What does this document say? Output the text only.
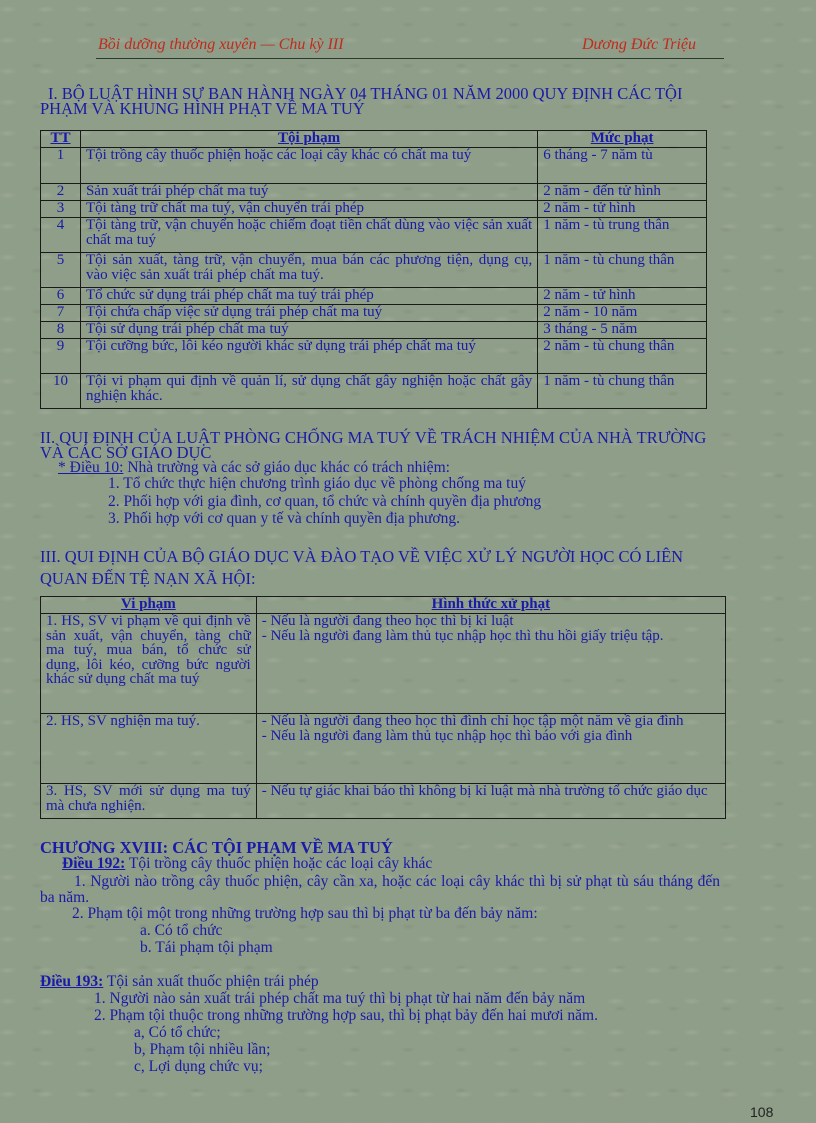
Bồi dưỡng thường xuyên — Chu kỳ III	Dương Đức Triệu
I. BỘ LUẬT HÌNH SỰ BAN HÀNH NGÀY 04 THÁNG 01 NĂM 2000 QUY ĐỊNH CÁC TỘI PHẠM VÀ KHUNG HÌNH PHẠT VỀ MA TUÝ
TT	Tội phạm	Mức phạt
1	Tội trồng cây thuốc phiện hoặc các loại cây khác có chất ma tuý	6 tháng - 7 năm tù
2	Sản xuất trái phép chất ma tuý	2 năm - đến tử hình
3	Tội tàng trữ chất ma tuý, vận chuyển trái phép	2 năm - tử hình
4	Tội tàng trữ, vận chuyển hoặc chiếm đoạt tiền chất dùng vào việc sản xuất chất ma tuý	1 năm - tù trung thân
5	Tội sản xuất, tàng trữ, vận chuyển, mua bán các phương tiện, dụng cụ, vào việc sản xuất trái phép chất ma tuý.	1 năm - tù chung thân
6	Tổ chức sử dụng trái phép chất ma tuý trái phép	2 năm - tử hình
7	Tội chứa chấp việc sử dụng trái phép chất ma tuý	2 năm - 10 năm
8	Tội sử dụng trái phép chất ma tuý	3 tháng - 5 năm
9	Tội cưỡng bức, lôi kéo người khác sử dụng trái phép chất ma tuý	2 năm - tù chung thân
10	Tội vi phạm qui định về quản lí, sử dụng chất gây nghiện hoặc chất gây nghiện khác.	1 năm - tù chung thân
II. QUI ĐỊNH CỦA LUẬT PHÒNG CHỐNG MA TUÝ VỀ TRÁCH NHIỆM CỦA NHÀ TRƯỜNG VÀ CÁC SỞ GIÁO DỤC
* Điều 10: Nhà trường và các sở giáo dục khác có trách nhiệm:
1. Tổ chức thực hiện chương trình giáo dục về phòng chống ma tuý
2. Phối hợp với gia đình, cơ quan, tổ chức và chính quyền địa phương
3. Phối hợp với cơ quan y tế và chính quyền địa phương.
III. QUI ĐỊNH CỦA BỘ GIÁO DỤC VÀ ĐÀO TẠO VỀ VIỆC XỬ LÝ NGƯỜI HỌC CÓ LIÊN QUAN ĐẾN TỆ NẠN XÃ HỘI:
Vi phạm	Hình thức xử phạt
1. HS, SV vi phạm về qui định về sản xuất, vận chuyển, tàng chữ ma tuý, mua bán, tổ chức sử dụng, lôi kéo, cưỡng bức người khác sử dụng chất ma tuý	- Nếu là người đang theo học thì bị kỉ luật
- Nếu là người đang làm thủ tục nhập học thì thu hồi giấy triệu tập.
2. HS, SV nghiện ma tuý.	- Nếu là người đang theo học thì đình chỉ học tập một năm về gia đình
- Nếu là người đang làm thủ tục nhập học thì báo với gia đình
3. HS, SV mới sử dụng ma tuý mà chưa nghiện.	- Nếu tự giác khai báo thì không bị kỉ luật mà nhà trường tổ chức giáo dục
CHƯƠNG XVIII: CÁC TỘI PHẠM VỀ MA TUÝ
Điều 192: Tội trồng cây thuốc phiện hoặc các loại cây khác
1. Người nào trồng cây thuốc phiện, cây cần xa, hoặc các loại cây khác thì bị sử phạt tù sáu tháng đến ba năm.
2. Phạm tội một trong những trường hợp sau thì bị phạt từ ba đến bảy năm:
a. Có tổ chức
b. Tái phạm tội phạm
Điều 193: Tội sản xuất thuốc phiện trái phép
1. Người nào sản xuất trái phép chất ma tuý thì bị phạt từ hai năm đến bảy năm
2. Phạm tội thuộc trong những trường hợp sau, thì bị phạt bảy đến hai mươi năm.
a, Có tổ chức;
b, Phạm tội nhiều lần;
c, Lợi dụng chức vụ;
108
